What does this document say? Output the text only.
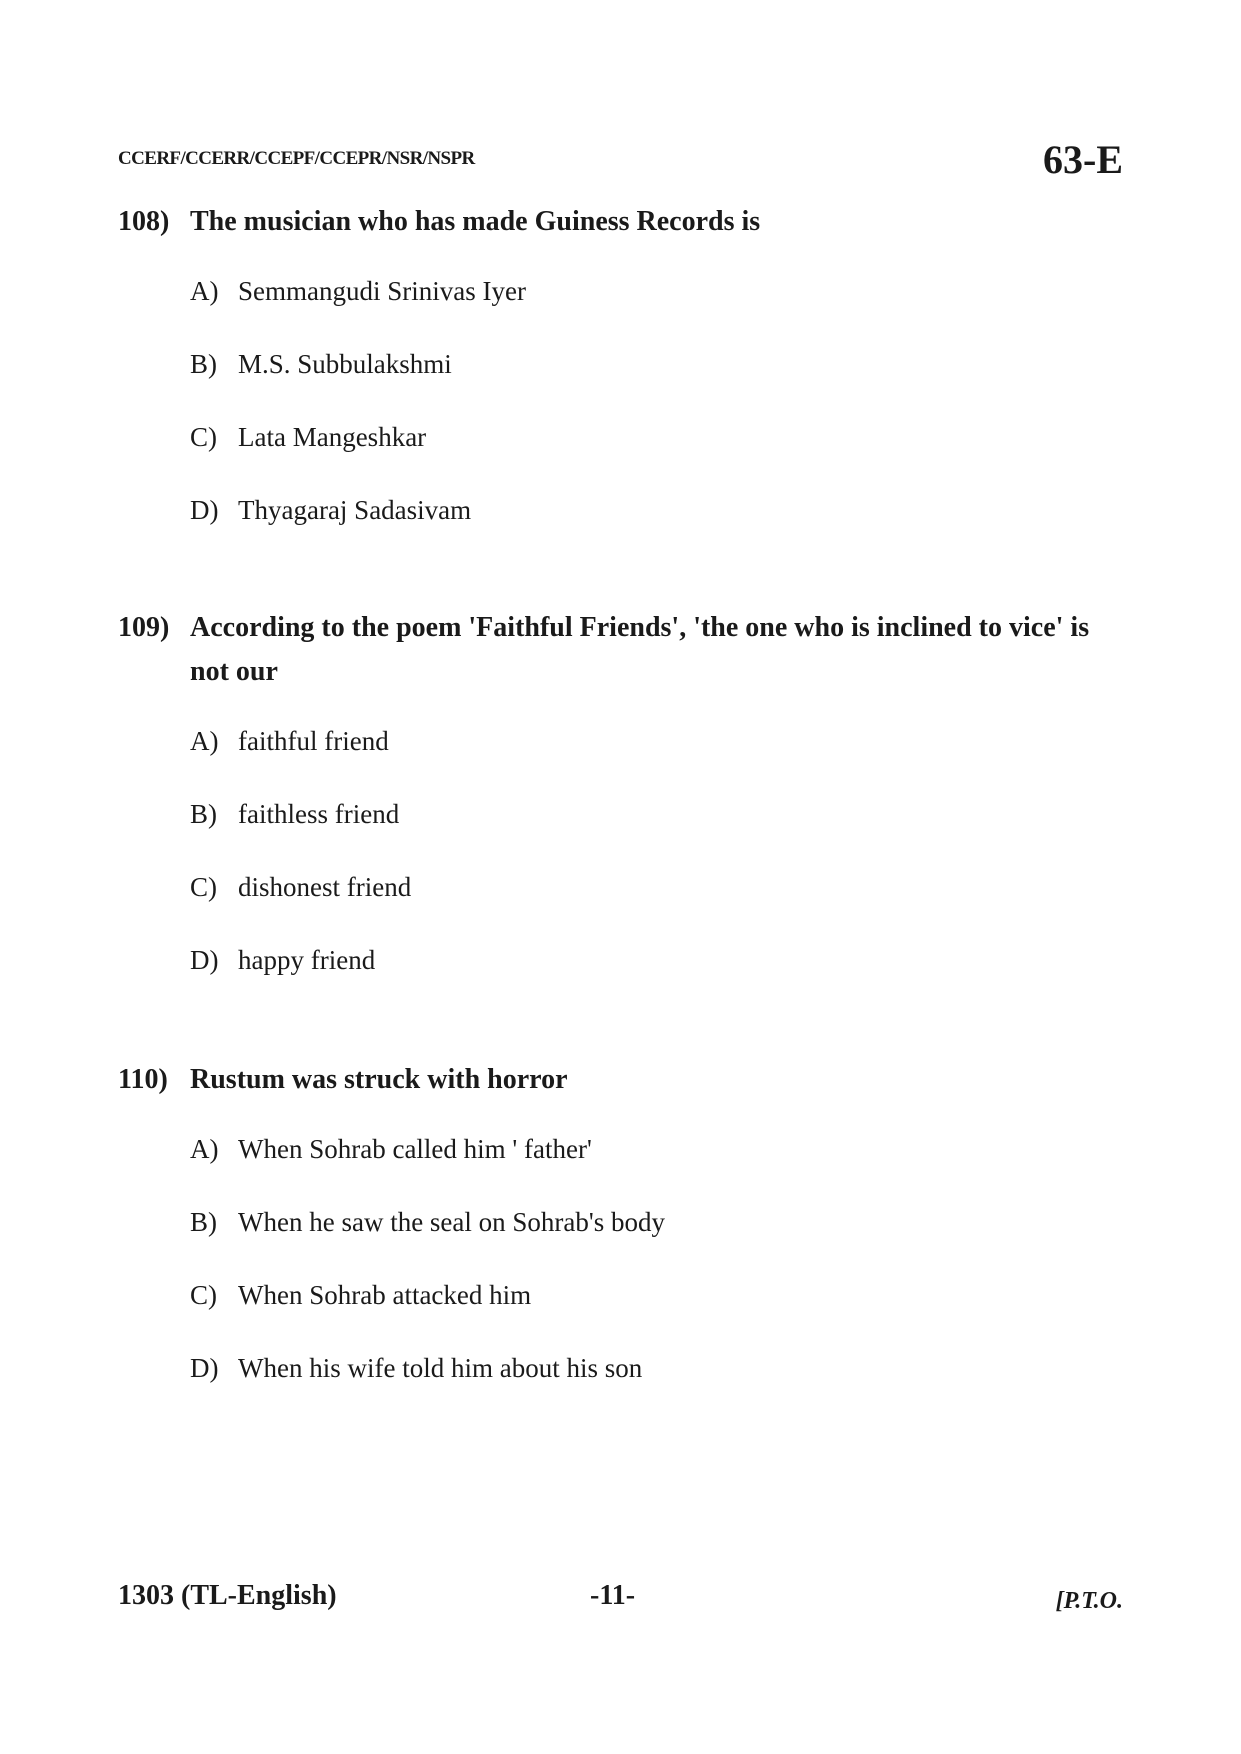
CCERF/CCERR/CCEPF/CCEPR/NSR/NSPR	63-E
108) The musician who has made Guiness Records is
A) Semmangudi Srinivas Iyer
B) M.S. Subbulakshmi
C) Lata Mangeshkar
D) Thyagaraj Sadasivam
109) According to the poem 'Faithful Friends', 'the one who is inclined to vice' is not our
A) faithful friend
B) faithless friend
C) dishonest friend
D) happy friend
110) Rustum was struck with horror
A) When Sohrab called him ' father'
B) When he saw the seal on Sohrab's body
C) When Sohrab attacked him
D) When his wife told him about his son
1303 (TL-English)	-11-	[P.T.O.
